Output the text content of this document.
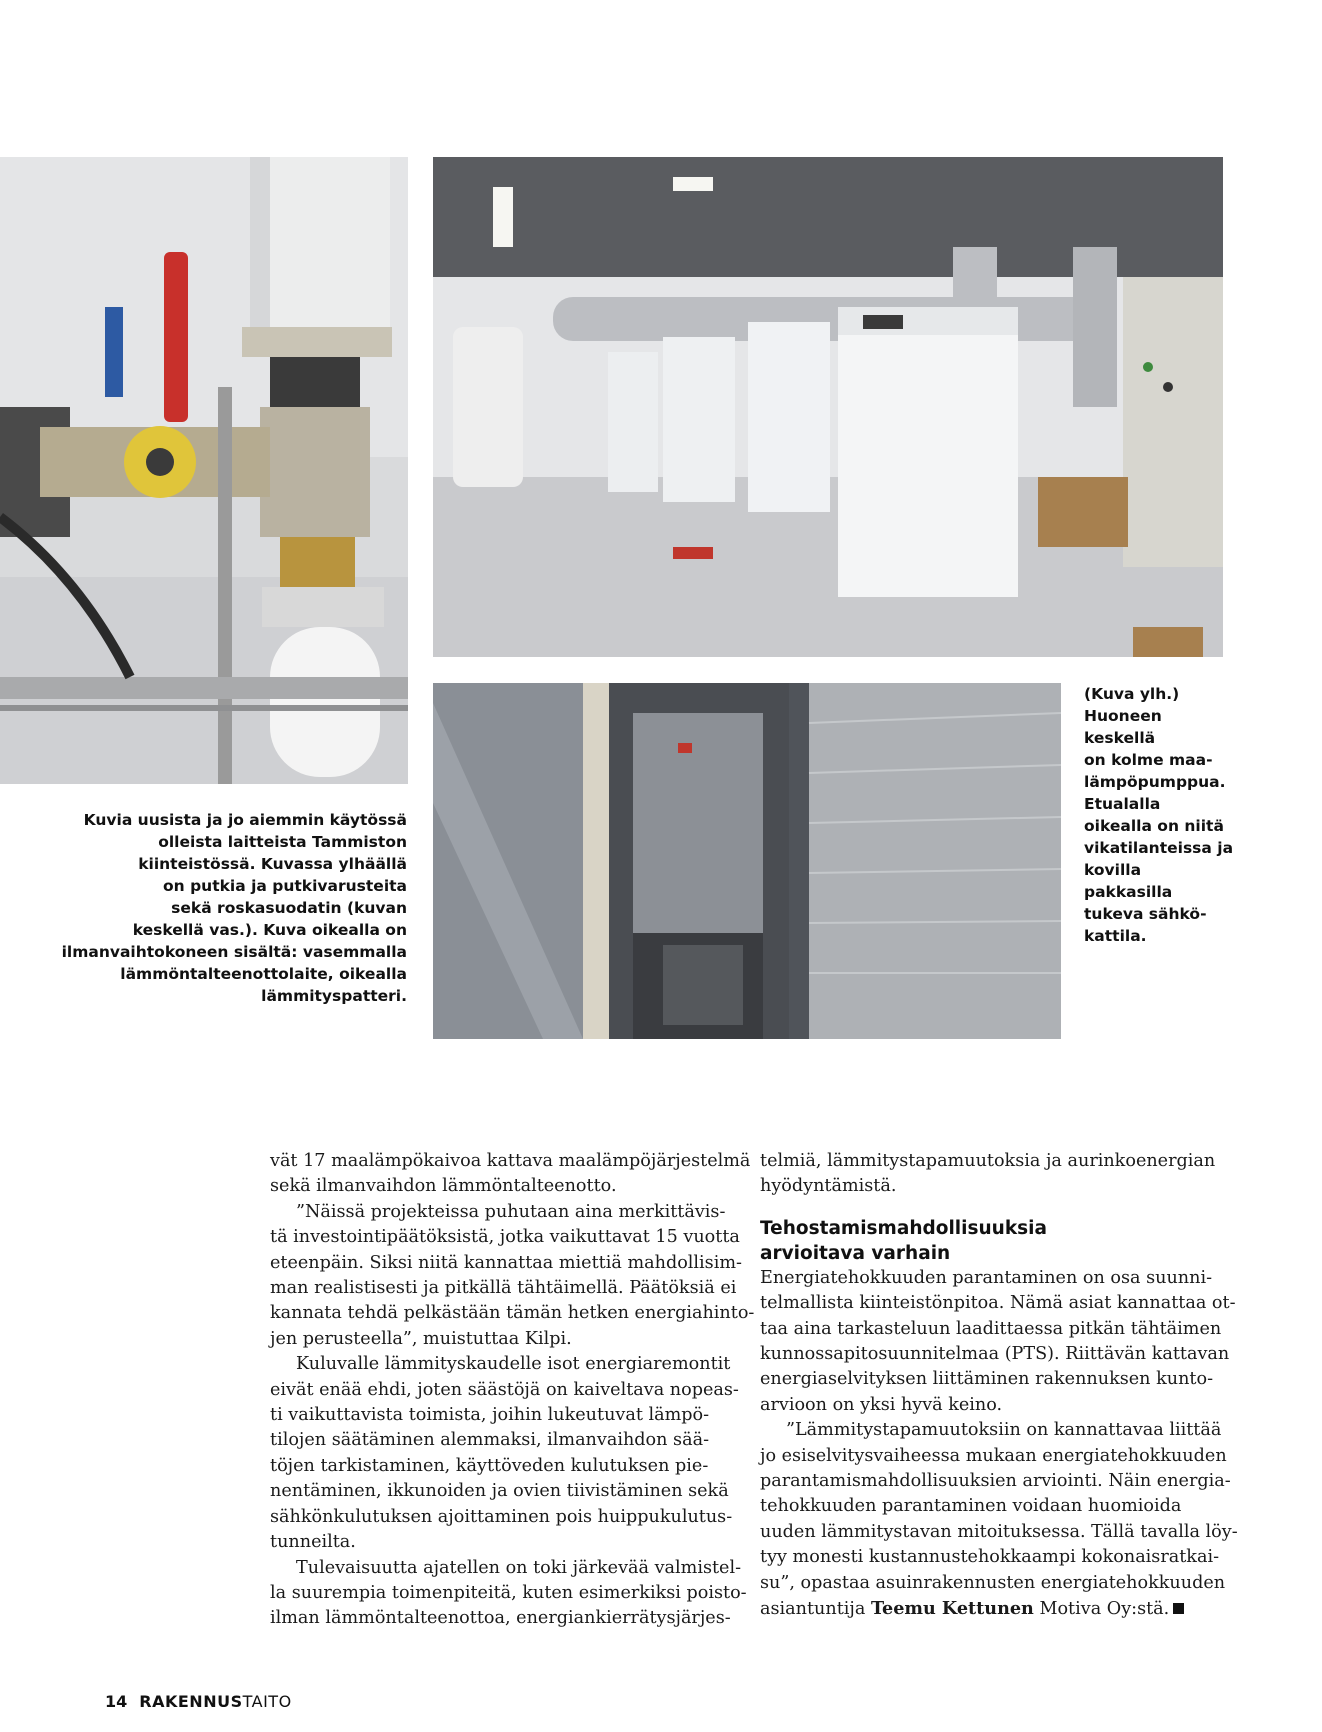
Kuvia uusista ja jo aiemmin käytössä

olleista laitteista Tammiston

kiinteistössä. Kuvassa ylhäällä

on putkia ja putkivarusteita

sekä roskasuodatin (kuvan

keskellä vas.). Kuva oikealla on

ilmanvaihtokoneen sisältä: vasemmalla

lämmöntalteenottolaite, oikealla

lämmityspatteri.

(Kuva ylh.)

Huoneen keskellä

on kolme maa-

lämpöpumppua.

Etualalla

oikealla on niitä

vikatilanteissa ja

kovilla pakkasilla

tukeva sähkö-

kattila.

vät 17 maalämpökaivoa kattava maalämpöjärjestelmä

sekä ilmanvaihdon lämmöntalteenotto.

”Näissä projekteissa puhutaan aina merkittävis-

tä investointipäätöksistä, jotka vaikuttavat 15 vuotta

eteenpäin. Siksi niitä kannattaa miettiä mahdollisim-

man realistisesti ja pitkällä tähtäimellä. Päätöksiä ei

kannata tehdä pelkästään tämän hetken energiahinto-

jen perusteella”, muistuttaa Kilpi.

Kuluvalle lämmityskaudelle isot energiaremontit

eivät enää ehdi, joten säästöjä on kaiveltava nopeas-

ti vaikuttavista toimista, joihin lukeutuvat lämpö-

tilojen säätäminen alemmaksi, ilmanvaihdon sää-

töjen tarkistaminen, käyttöveden kulutuksen pie-

nentäminen, ikkunoiden ja ovien tiivistäminen sekä

sähkönkulutuksen ajoittaminen pois huippukulutus-

tunneilta.

Tulevaisuutta ajatellen on toki järkevää valmistel-

la suurempia toimenpiteitä, kuten esimerkiksi poisto-

ilman lämmöntalteenottoa, energiankierrätysjärjes-

telmiä, lämmitystapamuutoksia ja aurinkoenergian

hyödyntämistä.

Tehostamismahdollisuuksia
arvioitava varhain

Energiatehokkuuden parantaminen on osa suunni-

telmallista kiinteistönpitoa. Nämä asiat kannattaa ot-

taa aina tarkasteluun laadittaessa pitkän tähtäimen

kunnossapitosuunnitelmaa (PTS). Riittävän kattavan

energiaselvityksen liittäminen rakennuksen kunto-

arvioon on yksi hyvä keino.

”Lämmitystapamuutoksiin on kannattavaa liittää

jo esiselvitysvaiheessa mukaan energiatehokkuuden

parantamismahdollisuuksien arviointi. Näin energia-

tehokkuuden parantaminen voidaan huomioida

uuden lämmitystavan mitoituksessa. Tällä tavalla löy-

tyy monesti kustannustehokkaampi kokonaisratkai-

su”, opastaa asuinrakennusten energiatehokkuuden

asiantuntija Teemu Kettunen Motiva Oy:stä.

14 RAKENNUSTAITO
